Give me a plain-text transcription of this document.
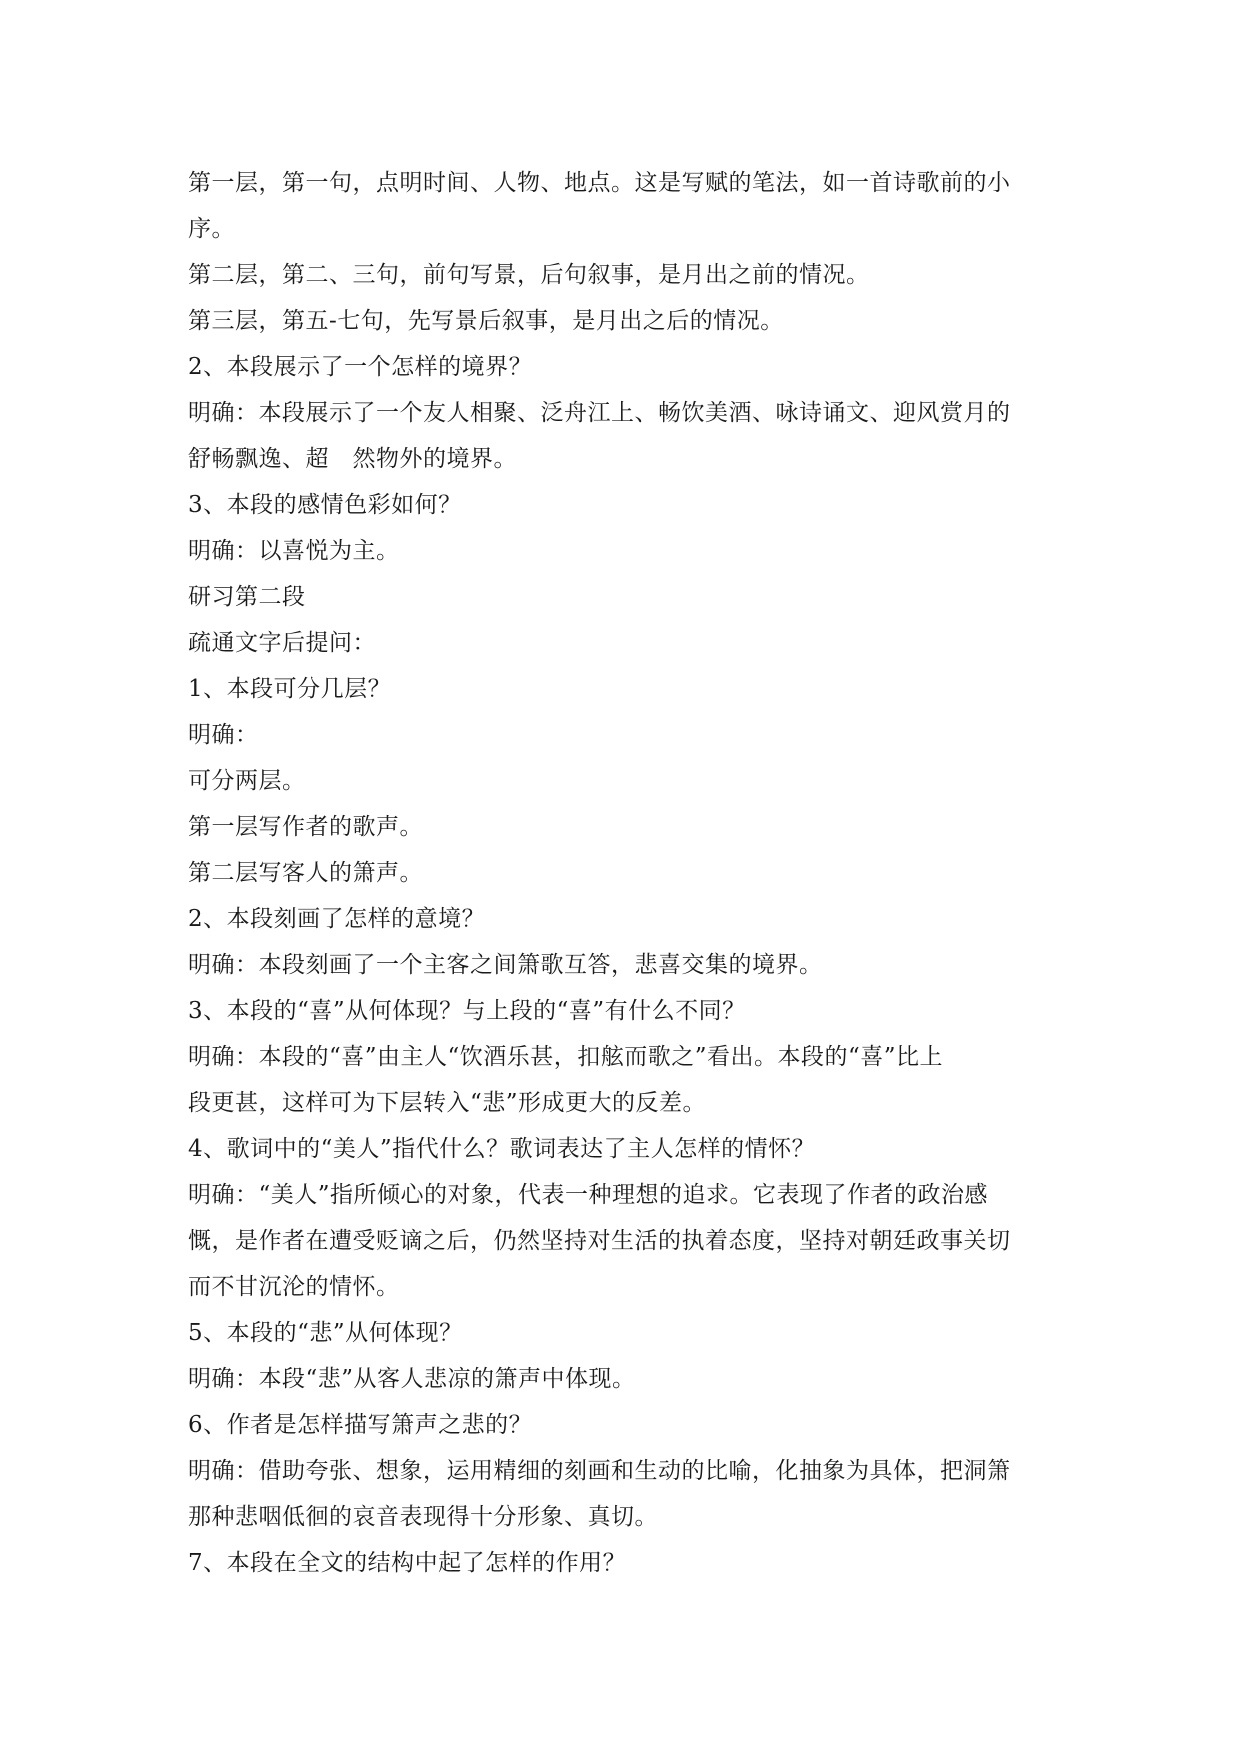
第一层，第一句，点明时间、人物、地点。这是写赋的笔法，如一首诗歌前的小
序。
第二层，第二、三句，前句写景，后句叙事，是月出之前的情况。
第三层，第五-七句，先写景后叙事，是月出之后的情况。
2、本段展示了一个怎样的境界？
明确：本段展示了一个友人相聚、泛舟江上、畅饮美酒、咏诗诵文、迎风赏月的
舒畅飘逸、超　然物外的境界。
3、本段的感情色彩如何？
明确：以喜悦为主。
研习第二段
疏通文字后提问：
1、本段可分几层？
明确：
可分两层。
第一层写作者的歌声。
第二层写客人的箫声。
2、本段刻画了怎样的意境？
明确：本段刻画了一个主客之间箫歌互答，悲喜交集的境界。
3、本段的“喜”从何体现？与上段的“喜”有什么不同？
明确：本段的“喜”由主人“饮酒乐甚，扣舷而歌之”看出。本段的“喜”比上
段更甚，这样可为下层转入“悲”形成更大的反差。
4、歌词中的“美人”指代什么？歌词表达了主人怎样的情怀？
明确：“美人”指所倾心的对象，代表一种理想的追求。它表现了作者的政治感
慨，是作者在遭受贬谪之后，仍然坚持对生活的执着态度，坚持对朝廷政事关切
而不甘沉沦的情怀。
5、本段的“悲”从何体现？
明确：本段“悲”从客人悲凉的箫声中体现。
6、作者是怎样描写箫声之悲的？
明确：借助夸张、想象，运用精细的刻画和生动的比喻，化抽象为具体，把洞箫
那种悲咽低徊的哀音表现得十分形象、真切。
7、本段在全文的结构中起了怎样的作用？
